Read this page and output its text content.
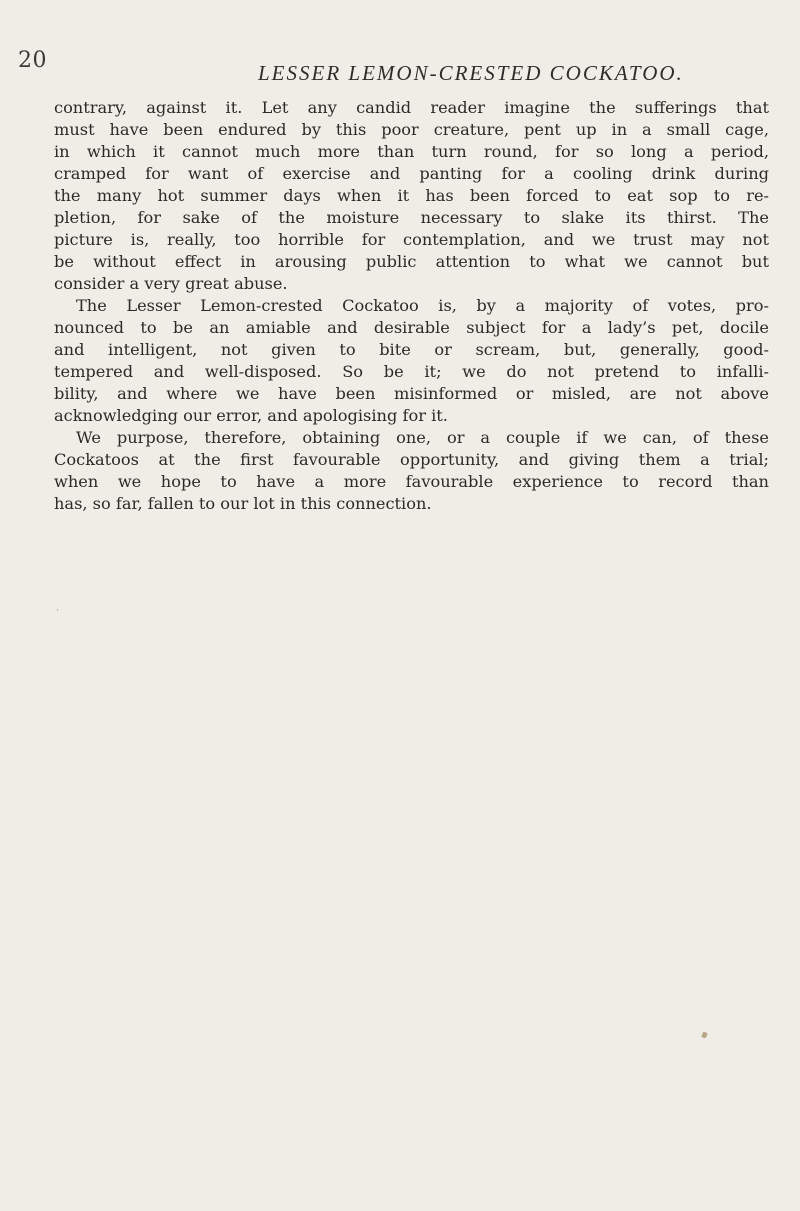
20	LESSER LEMON-CRESTED COCKATOO.
·
contrary, against it. Let any candid reader imagine the sufferings that
must have been endured by this poor creature, pent up in a small cage,
in which it cannot much more than turn round, for so long a period,
cramped for want of exercise and panting for a cooling drink during
the many hot summer days when it has been forced to eat sop to re-
pletion, for sake of the moisture necessary to slake its thirst. The
picture is, really, too horrible for contemplation, and we trust may not
be without effect in arousing public attention to what we cannot but
consider a very great abuse.
The Lesser Lemon-crested Cockatoo is, by a majority of votes, pro-
nounced to be an amiable and desirable subject for a lady’s pet, docile
and intelligent, not given to bite or scream, but, generally, good-
tempered and well-disposed. So be it; we do not pretend to infalli-
bility, and where we have been misinformed or misled, are not above
acknowledging our error, and apologising for it.
We purpose, therefore, obtaining one, or a couple if we can, of these
Cockatoos at the first favourable opportunity, and giving them a trial;
when we hope to have a more favourable experience to record than
has, so far, fallen to our lot in this connection.
